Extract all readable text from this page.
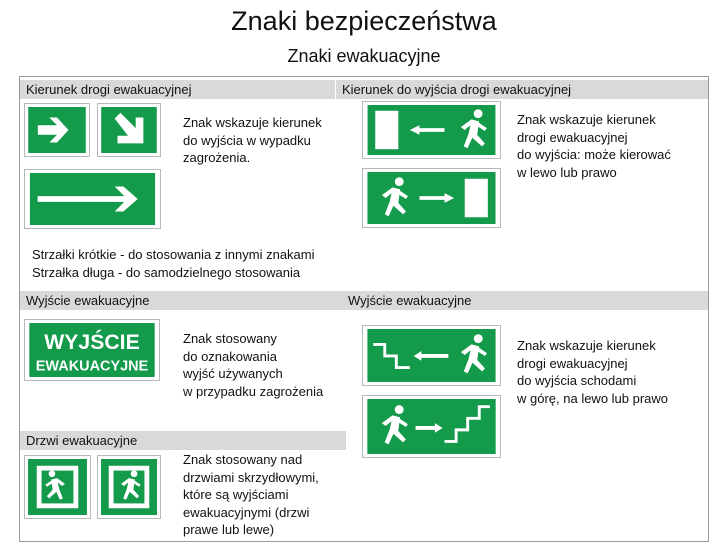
Znaki bezpieczeństwa
Znaki ewakuacyjne
Kierunek drogi ewakuacyjnej
Znak wskazuje kierunek
do wyjścia w wypadku
zagrożenia.
Strzałki krótkie - do stosowania z innymi znakami
Strzałka długa - do samodzielnego stosowania
Kierunek do wyjścia drogi ewakuacyjnej
Znak wskazuje kierunek
drogi ewakuacyjnej
do wyjścia: może kierować
w lewo lub prawo
Wyjście ewakuacyjne
WYJŚCIE
EWAKUACYJNE
Znak stosowany
do oznakowania
wyjść używanych
w przypadku zagrożenia
Wyjście ewakuacyjne
Znak wskazuje kierunek
drogi ewakuacyjnej
do wyjścia schodami
w górę, na lewo lub prawo
Drzwi ewakuacyjne
Znak stosowany nad
drzwiami skrzydłowymi,
które są wyjściami
ewakuacyjnymi (drzwi
prawe lub lewe)
